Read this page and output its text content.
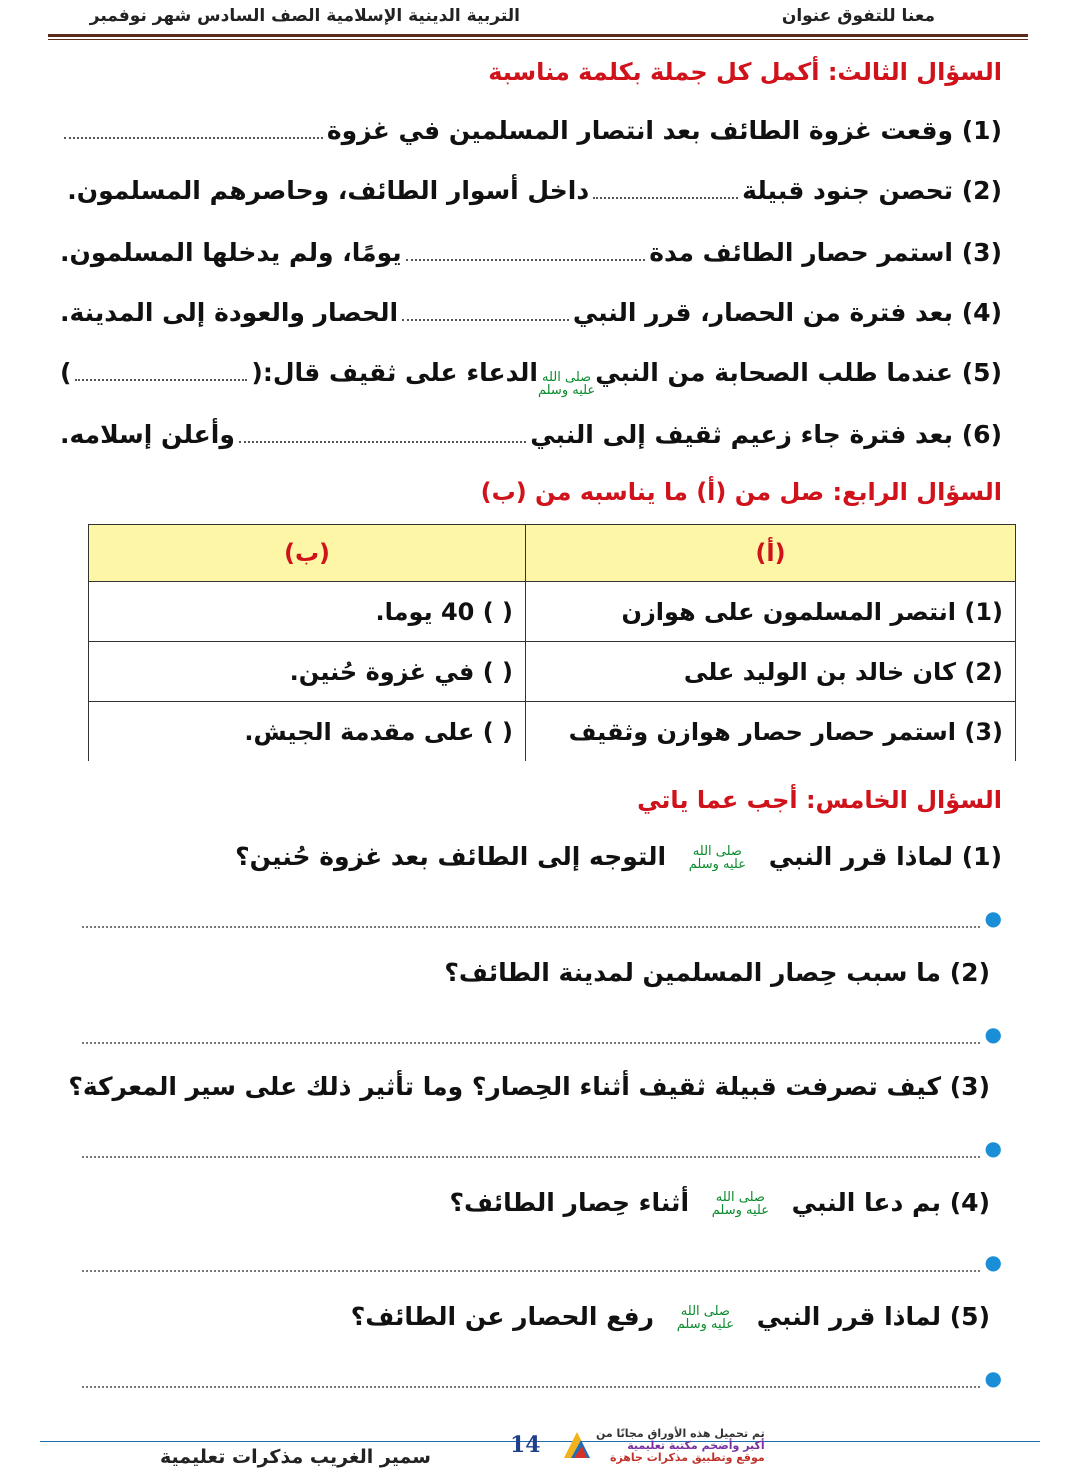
معنا للتفوق عنوان
التربية الدينية الإسلامية الصف السادس شهر نوفمبر
السؤال الثالث: أكمل كل جملة بكلمة مناسبة
(1)

وقعت غزوة الطائف بعد انتصار المسلمين في غزوة
(2)

تحصن جنود قبيلة
داخل أسوار الطائف، وحاصرهم المسلمون.
(3)

استمر حصار الطائف مدة
يومًا، ولم يدخلها المسلمون.
(4)

بعد فترة من الحصار، قرر النبي
الحصار والعودة إلى المدينة.
(5)

عندما طلب الصحابة من النبي
صلى الله
عليه وسلم
الدعاء على ثقيف قال:(
)
(6)

بعد فترة جاء زعيم ثقيف إلى النبي
وأعلن إسلامه.
السؤال الرابع: صل من (أ) ما يناسبه من (ب)
(أ)	(ب)
(1) انتصر المسلمون على هوازن	( ) 40 يوما.
(2) كان خالد بن الوليد على	( ) في غزوة حُنين.
(3) استمر حصار حصار هوازن وثقيف	( ) على مقدمة الجيش.
السؤال الخامس: أجب عما ياتي
(1) لماذا قرر النبي صلى الله
عليه وسلم التوجه إلى الطائف بعد غزوة حُنين؟
●
(2) ما سبب حِصار المسلمين لمدينة الطائف؟
●
(3) كيف تصرفت قبيلة ثقيف أثناء الحِصار؟ وما تأثير ذلك على سير المعركة؟
●
(4) بم دعا النبي صلى الله
عليه وسلم أثناء حِصار الطائف؟
●
(5) لماذا قرر النبي صلى الله
عليه وسلم رفع الحصار عن الطائف؟
●
تم تحميل هذه الأوراق مجانًا من
أكبر وأضخم مكتبة تعليمية
موقع وتطبيق مذكرات جاهزة
14
سمير الغريب مذكرات تعليمية
